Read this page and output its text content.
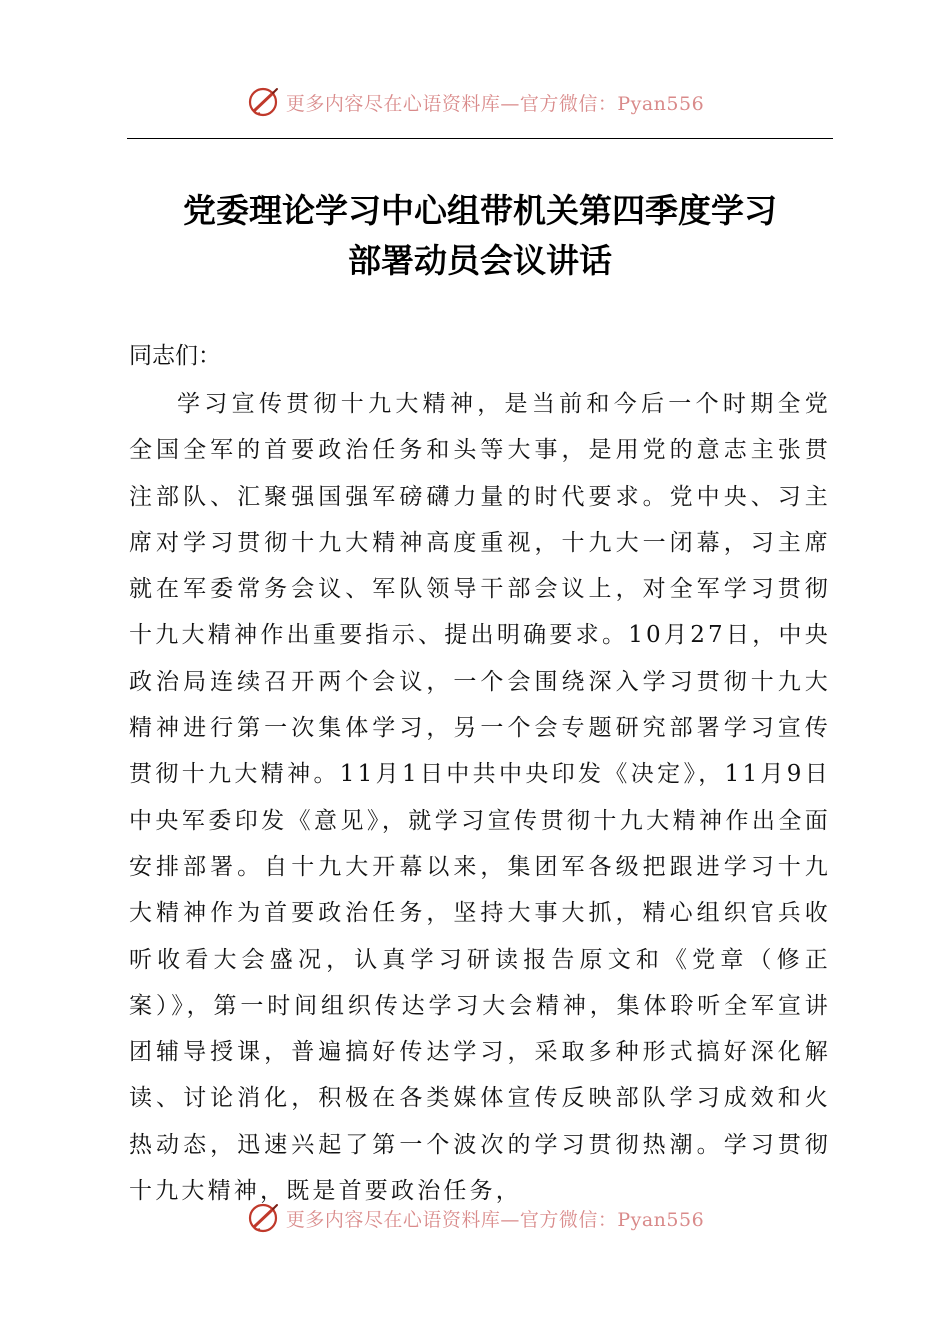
更多内容尽在心语资料库—官方微信：Pyan556
党委理论学习中心组带机关第四季度学习
部署动员会议讲话
同志们：
学习宣传贯彻十九大精神，是当前和今后一个时期全党全国全军的首要政治任务和头等大事，是用党的意志主张贯注部队、汇聚强国强军磅礴力量的时代要求。党中央、习主席对学习贯彻十九大精神高度重视，十九大一闭幕，习主席就在军委常务会议、军队领导干部会议上，对全军学习贯彻十九大精神作出重要指示、提出明确要求。10月27日，中央政治局连续召开两个会议，一个会围绕深入学习贯彻十九大精神进行第一次集体学习，另一个会专题研究部署学习宣传贯彻十九大精神。11月1日中共中央印发《决定》，11月9日中央军委印发《意见》，就学习宣传贯彻十九大精神作出全面安排部署。自十九大开幕以来，集团军各级把跟进学习十九大精神作为首要政治任务，坚持大事大抓，精心组织官兵收听收看大会盛况，认真学习研读报告原文和《党章（修正案）》，第一时间组织传达学习大会精神，集体聆听全军宣讲团辅导授课，普遍搞好传达学习，采取多种形式搞好深化解读、讨论消化，积极在各类媒体宣传反映部队学习成效和火热动态，迅速兴起了第一个波次的学习贯彻热潮。学习贯彻十九大精神，既是首要政治任务，
更多内容尽在心语资料库—官方微信：Pyan556
